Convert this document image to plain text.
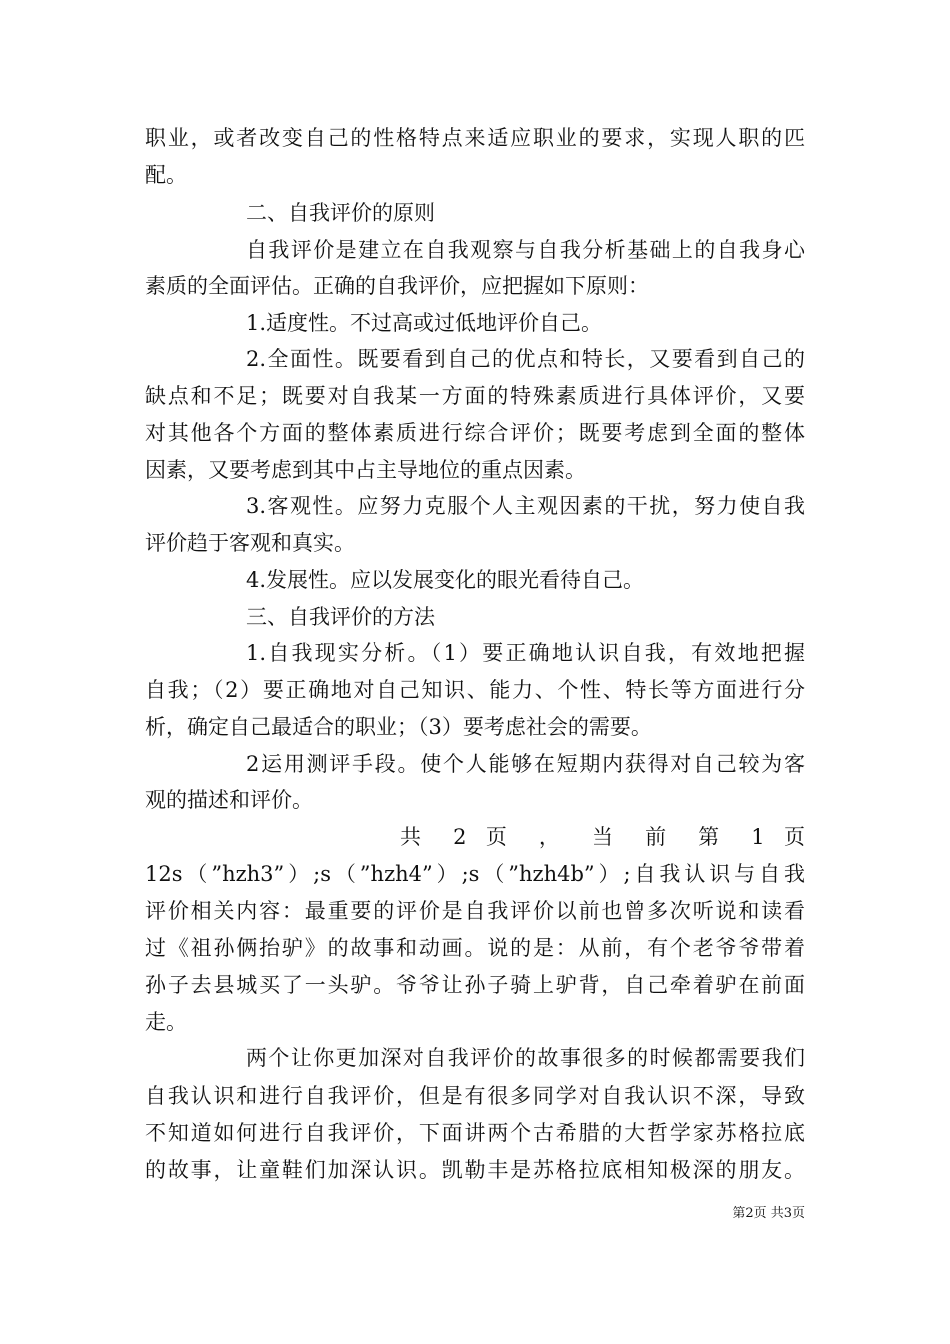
职业，或者改变自己的性格特点来适应职业的要求，实现人职的匹
配。
二、自我评价的原则
自我评价是建立在自我观察与自我分析基础上的自我身心
素质的全面评估。正确的自我评价，应把握如下原则：
1.适度性。不过高或过低地评价自己。
2.全面性。既要看到自己的优点和特长，又要看到自己的
缺点和不足；既要对自我某一方面的特殊素质进行具体评价，又要
对其他各个方面的整体素质进行综合评价；既要考虑到全面的整体
因素，又要考虑到其中占主导地位的重点因素。
3.客观性。应努力克服个人主观因素的干扰，努力使自我
评价趋于客观和真实。
4.发展性。应以发展变化的眼光看待自己。
三、自我评价的方法
1.自我现实分析。（1）要正确地认识自我，有效地把握
自我；（2）要正确地对自己知识、能力、个性、特长等方面进行分
析，确定自己最适合的职业；（3）要考虑社会的需要。
2运用测评手段。使个人能够在短期内获得对自己较为客
观的描述和评价。
共 2 页 ， 当 前 第 1 页
12s（”hzh3”）;s（”hzh4”）;s（”hzh4b”）;自我认识与自我
评价相关内容：最重要的评价是自我评价以前也曾多次听说和读看
过《祖孙俩抬驴》的故事和动画。说的是：从前，有个老爷爷带着
孙子去县城买了一头驴。爷爷让孙子骑上驴背，自己牵着驴在前面
走。
两个让你更加深对自我评价的故事很多的时候都需要我们
自我认识和进行自我评价，但是有很多同学对自我认识不深，导致
不知道如何进行自我评价，下面讲两个古希腊的大哲学家苏格拉底
的故事，让童鞋们加深认识。凯勒丰是苏格拉底相知极深的朋友。
第2页 共3页
